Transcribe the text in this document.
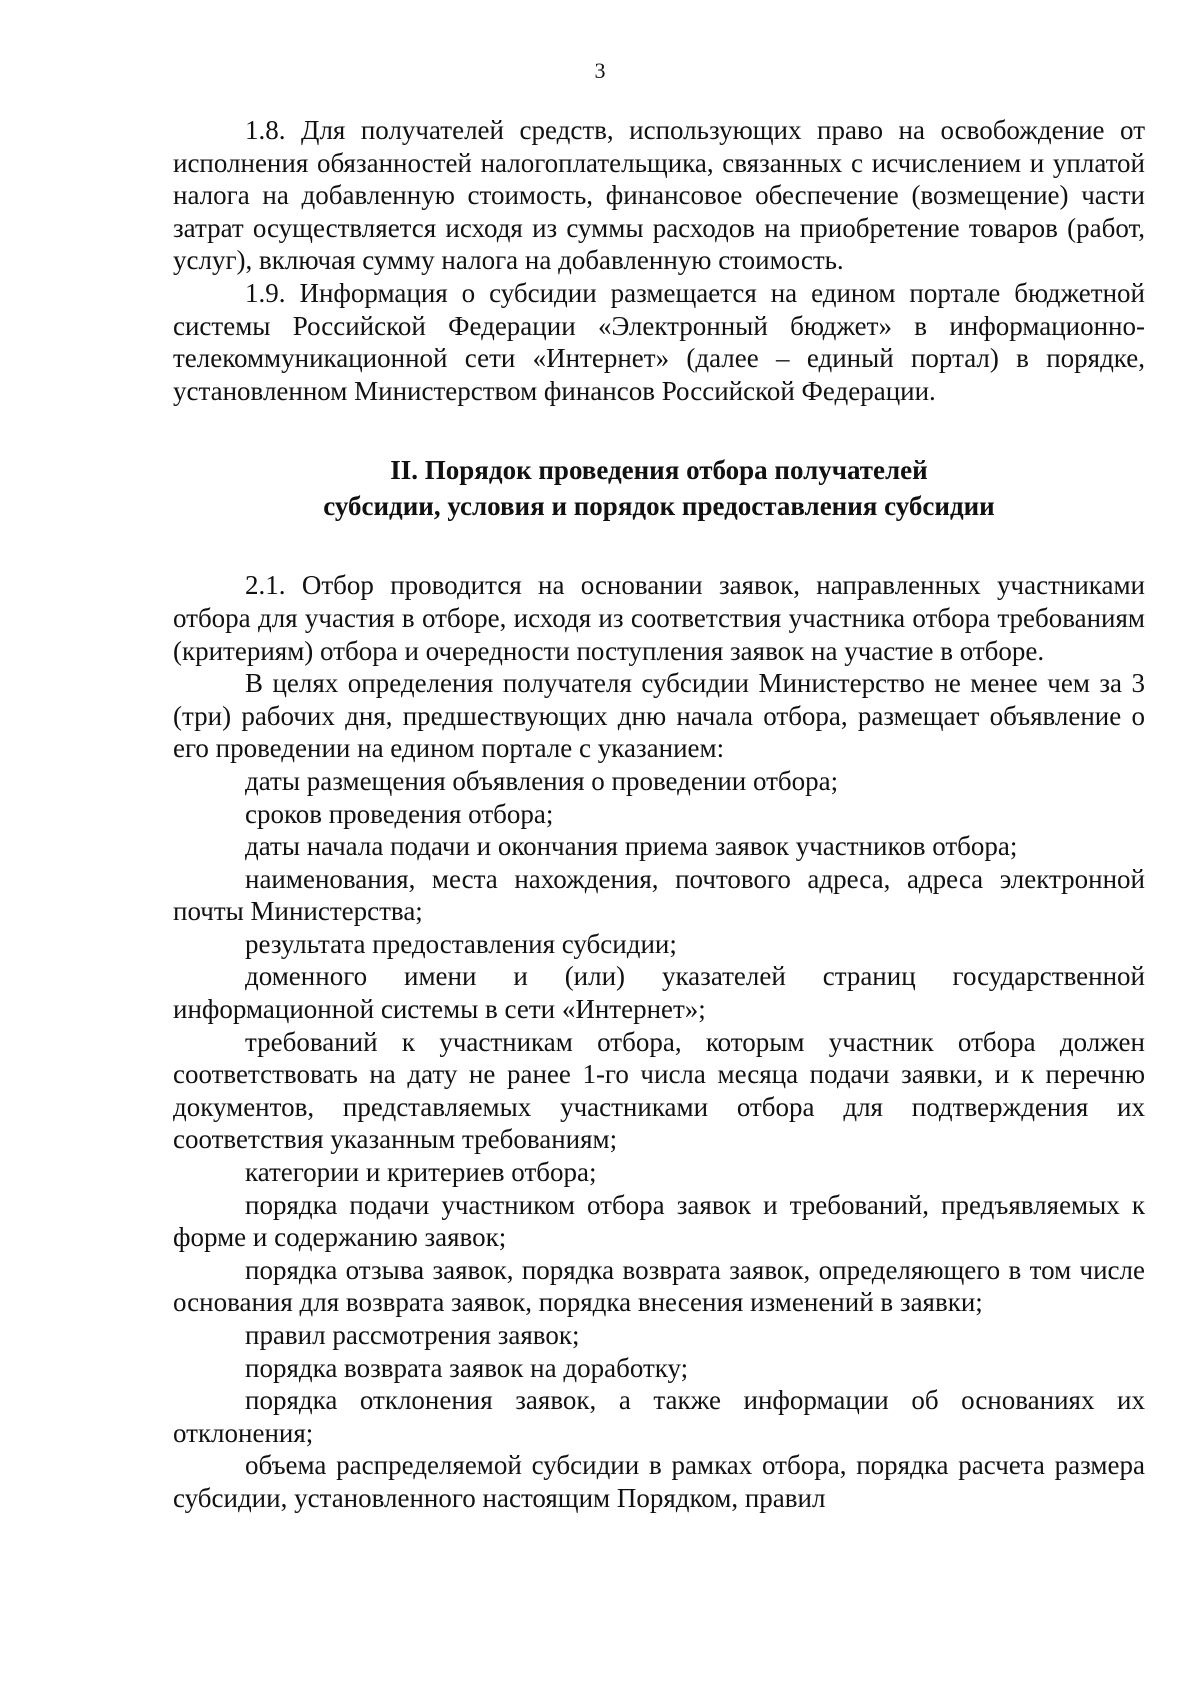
3

1.8. Для получателей средств, использующих право на освобождение от исполнения обязанностей налогоплательщика, связанных с исчислением и уплатой налога на добавленную стоимость, финансовое обеспечение (возмещение) части затрат осуществляется исходя из суммы расходов на приобретение товаров (работ, услуг), включая сумму налога на добавленную стоимость.

1.9. Информация о субсидии размещается на едином портале бюджетной системы Российской Федерации «Электронный бюджет» в информационно-телекоммуникационной сети «Интернет» (далее – единый портал) в порядке, установленном Министерством финансов Российской Федерации.

II. Порядок проведения отбора получателей
субсидии, условия и порядок предоставления субсидии

2.1. Отбор проводится на основании заявок, направленных участниками отбора для участия в отборе, исходя из соответствия участника отбора требованиям (критериям) отбора и очередности поступления заявок на участие в отборе.

В целях определения получателя субсидии Министерство не менее чем за 3 (три) рабочих дня, предшествующих дню начала отбора, размещает объявление о его проведении на едином портале с указанием:

даты размещения объявления о проведении отбора;

сроков проведения отбора;

даты начала подачи и окончания приема заявок участников отбора;

наименования, места нахождения, почтового адреса, адреса электронной почты Министерства;

результата предоставления субсидии;

доменного имени и (или) указателей страниц государственной информационной системы в сети «Интернет»;

требований к участникам отбора, которым участник отбора должен соответствовать на дату не ранее 1-го числа месяца подачи заявки, и к перечню документов, представляемых участниками отбора для подтверждения их соответствия указанным требованиям;

категории и критериев отбора;

порядка подачи участником отбора заявок и требований, предъявляемых к форме и содержанию заявок;

порядка отзыва заявок, порядка возврата заявок, определяющего в том числе основания для возврата заявок, порядка внесения изменений в заявки;

правил рассмотрения заявок;

порядка возврата заявок на доработку;

порядка отклонения заявок, а также информации об основаниях их отклонения;

объема распределяемой субсидии в рамках отбора, порядка расчета размера субсидии, установленного настоящим Порядком, правил
